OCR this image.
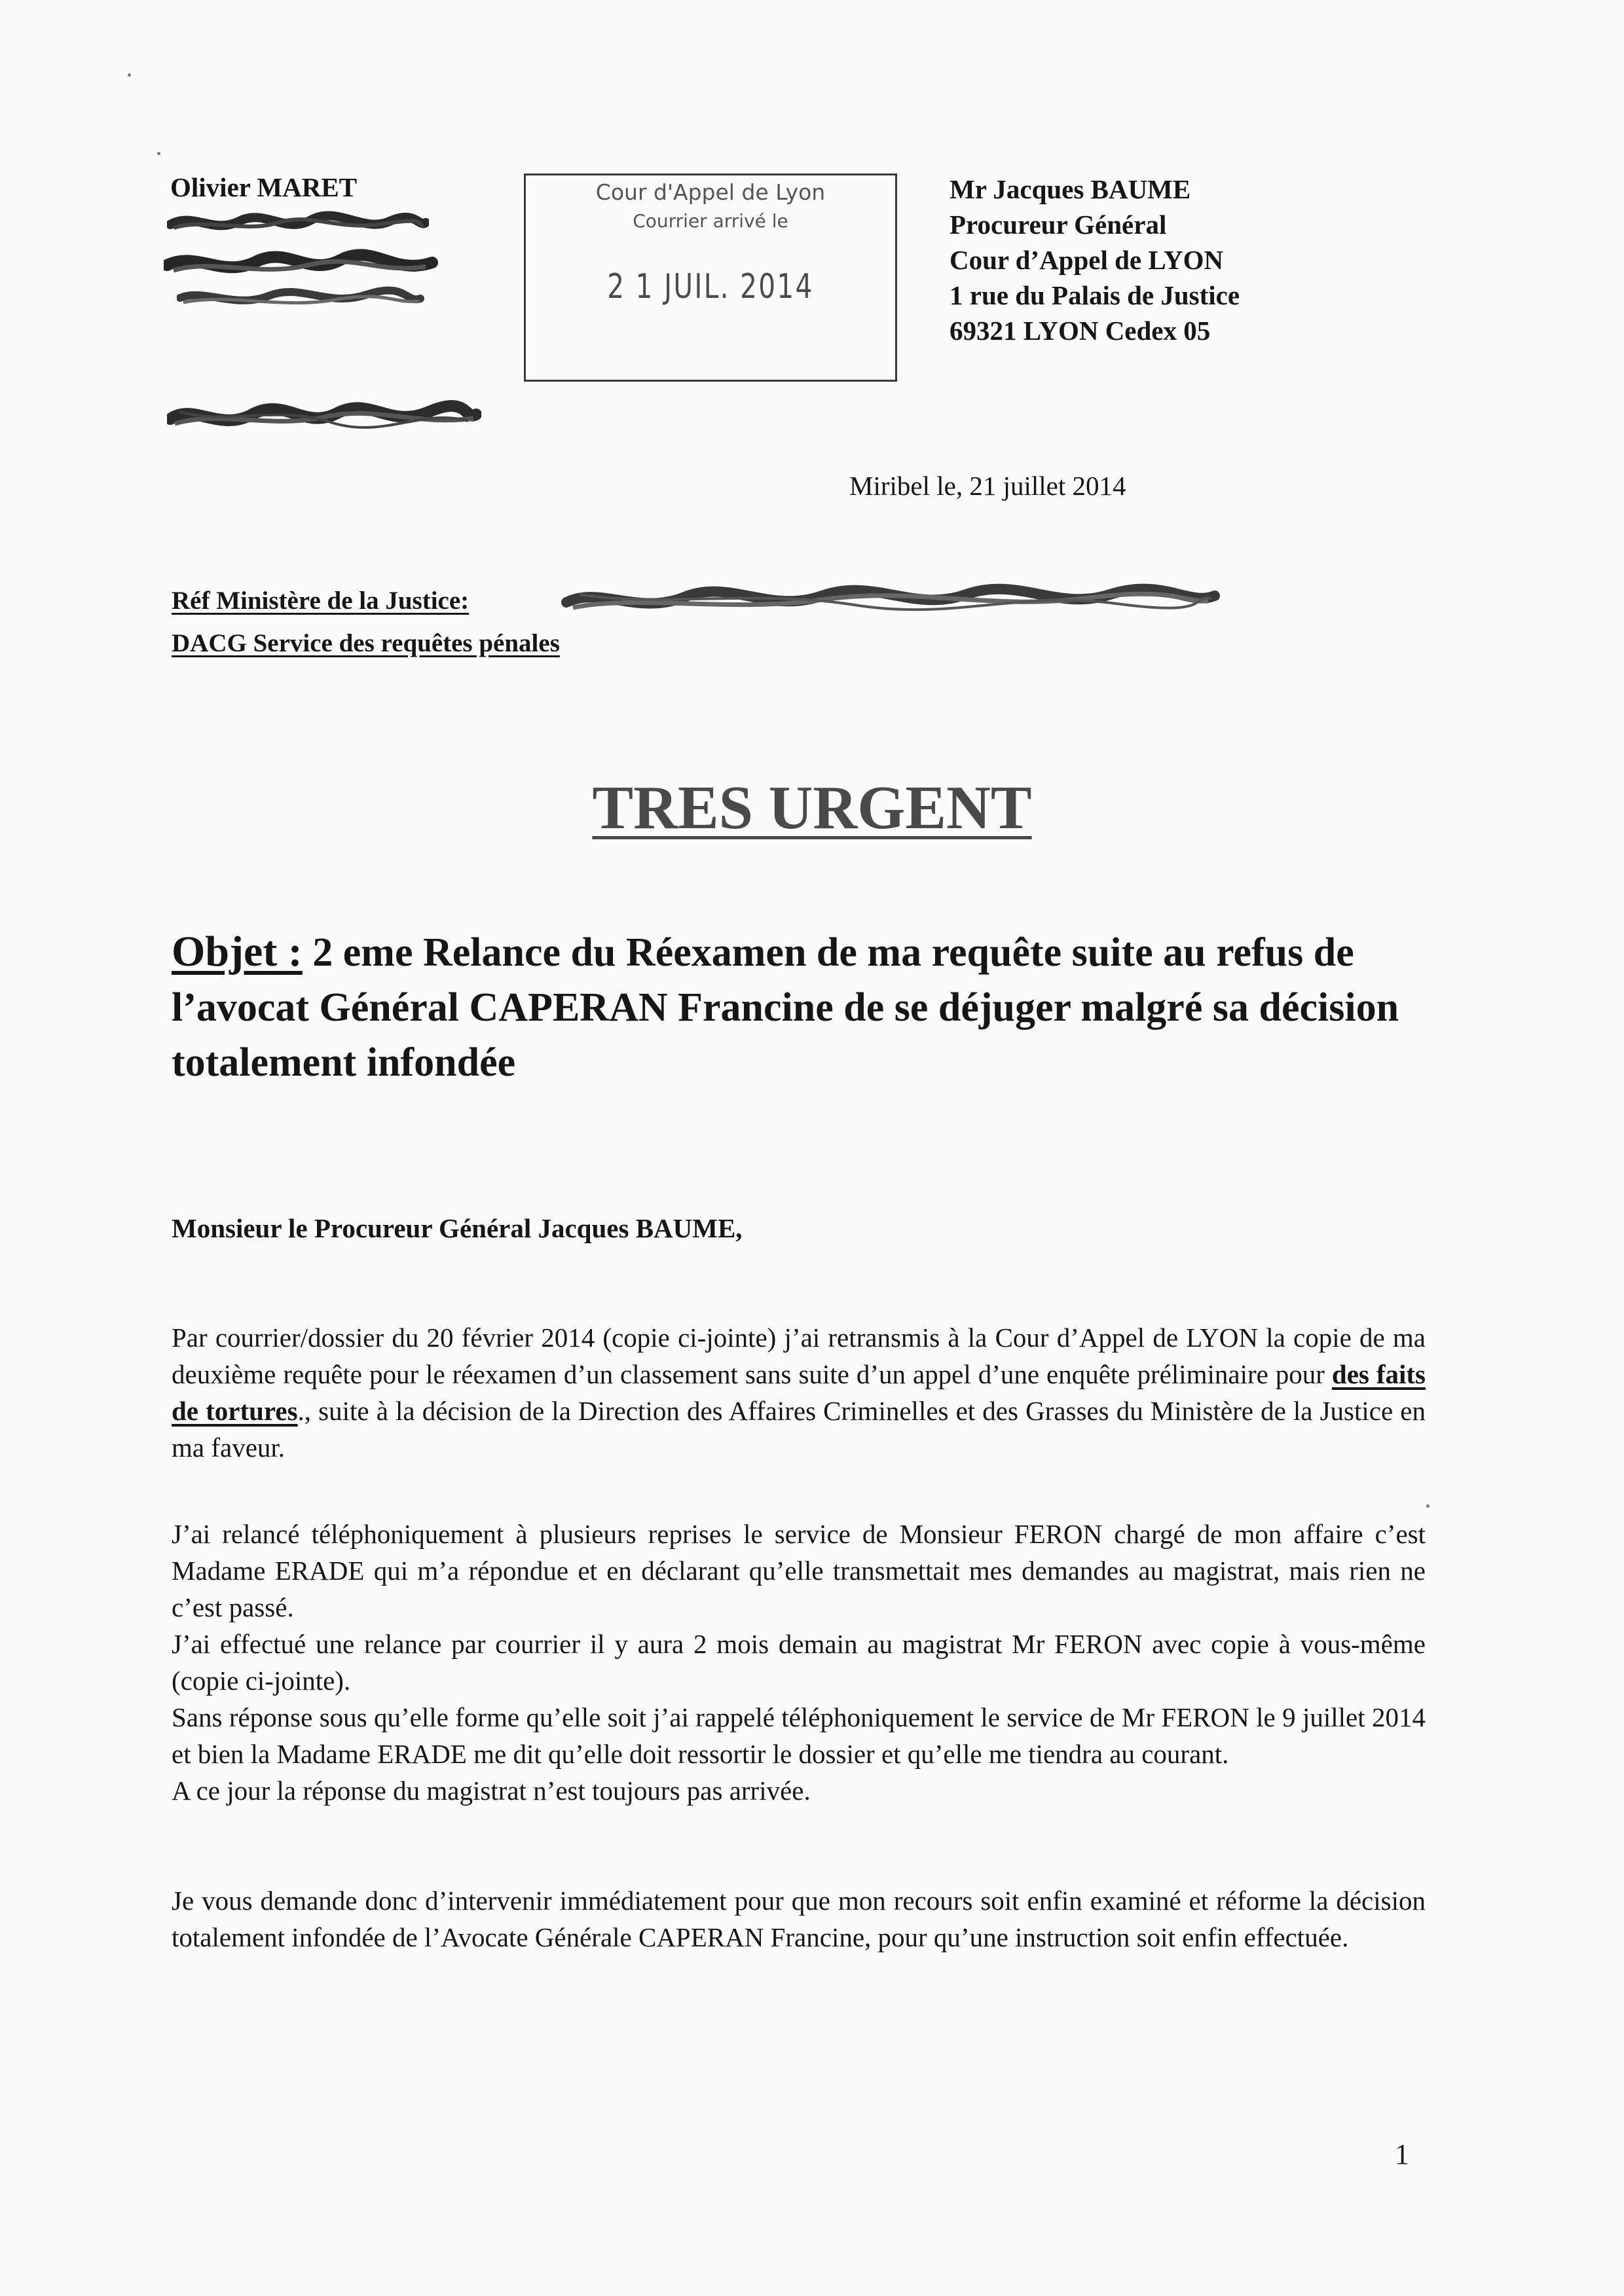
Olivier MARET	Cour d'Appel de Lyon
Courrier arrivé le
2 1 JUIL. 2014
Mr Jacques BAUME
Procureur Général
Cour d’Appel de LYON
1 rue du Palais de Justice
69321 LYON Cedex 05
Miribel le, 21 juillet 2014
Réf Ministère de la Justice:
DACG Service des requêtes pénales
TRES URGENT
Objet : 2 eme Relance du Réexamen de ma requête suite au refus de l’avocat Général CAPERAN Francine de se déjuger malgré sa décision totalement infondée
Monsieur le Procureur Général Jacques BAUME,
Par courrier/dossier du 20 février 2014 (copie ci-jointe) j’ai retransmis à la Cour d’Appel de LYON la copie de ma deuxième requête pour le réexamen d’un classement sans suite d’un appel d’une enquête préliminaire pour des faits de tortures., suite à la décision de la Direction des Affaires Criminelles et des Grasses du Ministère de la Justice en ma faveur.
J’ai relancé téléphoniquement à plusieurs reprises le service de Monsieur FERON chargé de mon affaire c’est Madame ERADE qui m’a répondue et en déclarant qu’elle transmettait mes demandes au magistrat, mais rien ne c’est passé.
J’ai effectué une relance par courrier il y aura 2 mois demain au magistrat Mr FERON avec copie à vous-même (copie ci-jointe).
Sans réponse sous qu’elle forme qu’elle soit j’ai rappelé téléphoniquement le service de Mr FERON le 9 juillet 2014 et bien la Madame ERADE me dit qu’elle doit ressortir le dossier et qu’elle me tiendra au courant.
A ce jour la réponse du magistrat n’est toujours pas arrivée.
Je vous demande donc d’intervenir immédiatement pour que mon recours soit enfin examiné et réforme la décision totalement infondée de l’Avocate Générale CAPERAN Francine, pour qu’une instruction soit enfin effectuée.
1
